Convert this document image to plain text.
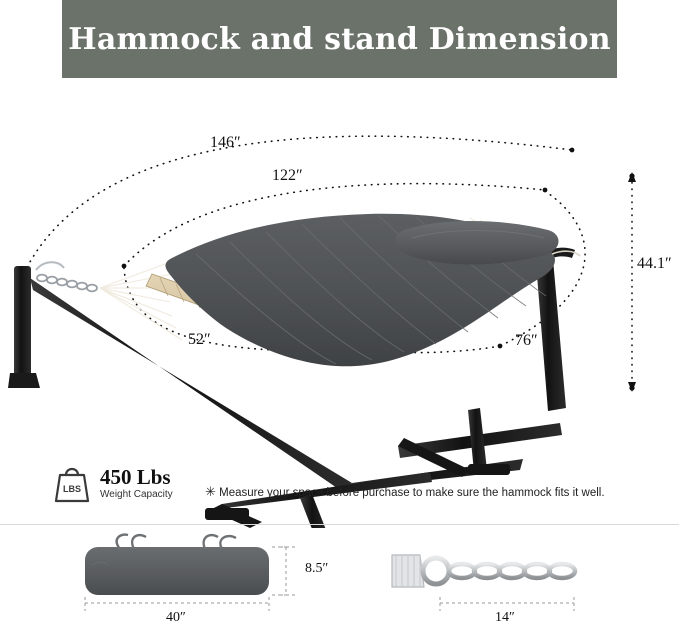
Hammock and stand Dimension
146″
122″
44.1″
52″	76″
LBS
450 Lbs
Weight Capacity ✳ Measure your space before purchase to make sure the hammock fits it well.
40″
8.5″
14″
